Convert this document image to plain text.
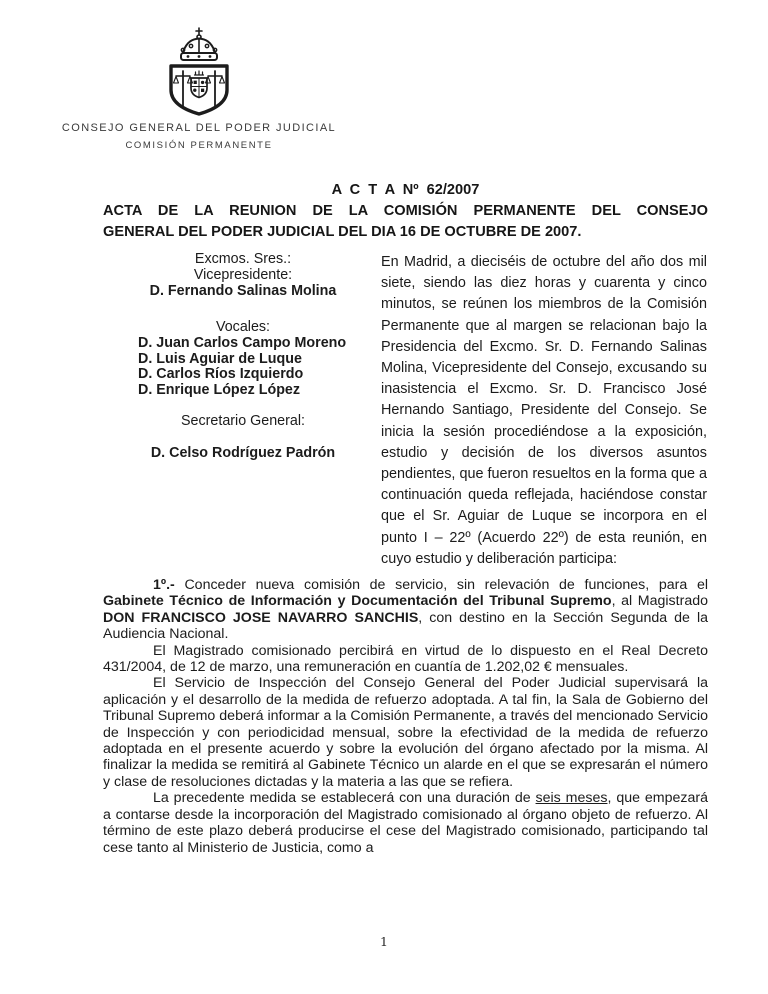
CONSEJO GENERAL DEL PODER JUDICIAL
COMISIÓN PERMANENTE
A C T A Nº 62/2007
ACTA DE LA REUNION DE LA COMISIÓN PERMANENTE DEL CONSEJO
GENERAL DEL PODER JUDICIAL DEL DIA 16 DE OCTUBRE DE 2007.
Excmos. Sres.:
Vicepresidente:
D. Fernando Salinas Molina
Vocales:
D. Juan Carlos Campo Moreno
D. Luis Aguiar de Luque
D. Carlos Ríos Izquierdo
D. Enrique López López
Secretario General:
D. Celso Rodríguez Padrón

En Madrid, a dieciséis de octubre del año dos mil siete, siendo las diez horas y cuarenta y cinco minutos, se reúnen los miembros de la Comisión Permanente que al margen se relacionan bajo la Presidencia del Excmo. Sr. D. Fernando Salinas Molina, Vicepresidente del Consejo, excusando su inasistencia el Excmo. Sr. D. Francisco José Hernando Santiago, Presidente del Consejo. Se inicia la sesión procediéndose a la exposición, estudio y decisión de los diversos asuntos pendientes, que fueron resueltos en la forma que a continuación queda reflejada, haciéndose constar que el Sr. Aguiar de Luque se incorpora en el punto I – 22º (Acuerdo 22º) de esta reunión, en cuyo estudio y deliberación participa:

1º.- Conceder nueva comisión de servicio, sin relevación de funciones, para el Gabinete Técnico de Información y Documentación del Tribunal Supremo, al Magistrado DON FRANCISCO JOSE NAVARRO SANCHIS, con destino en la Sección Segunda de la Audiencia Nacional.

El Magistrado comisionado percibirá en virtud de lo dispuesto en el Real Decreto 431/2004, de 12 de marzo, una remuneración en cuantía de 1.202,02 € mensuales.

El Servicio de Inspección del Consejo General del Poder Judicial supervisará la aplicación y el desarrollo de la medida de refuerzo adoptada. A tal fin, la Sala de Gobierno del Tribunal Supremo deberá informar a la Comisión Permanente, a través del mencionado Servicio de Inspección y con periodicidad mensual, sobre la efectividad de la medida de refuerzo adoptada en el presente acuerdo y sobre la evolución del órgano afectado por la misma. Al finalizar la medida se remitirá al Gabinete Técnico un alarde en el que se expresarán el número y clase de resoluciones dictadas y la materia a las que se refiera.

La precedente medida se establecerá con una duración de seis meses, que empezará a contarse desde la incorporación del Magistrado comisionado al órgano objeto de refuerzo. Al término de este plazo deberá producirse el cese del Magistrado comisionado, participando tal cese tanto al Ministerio de Justicia, como a

1
